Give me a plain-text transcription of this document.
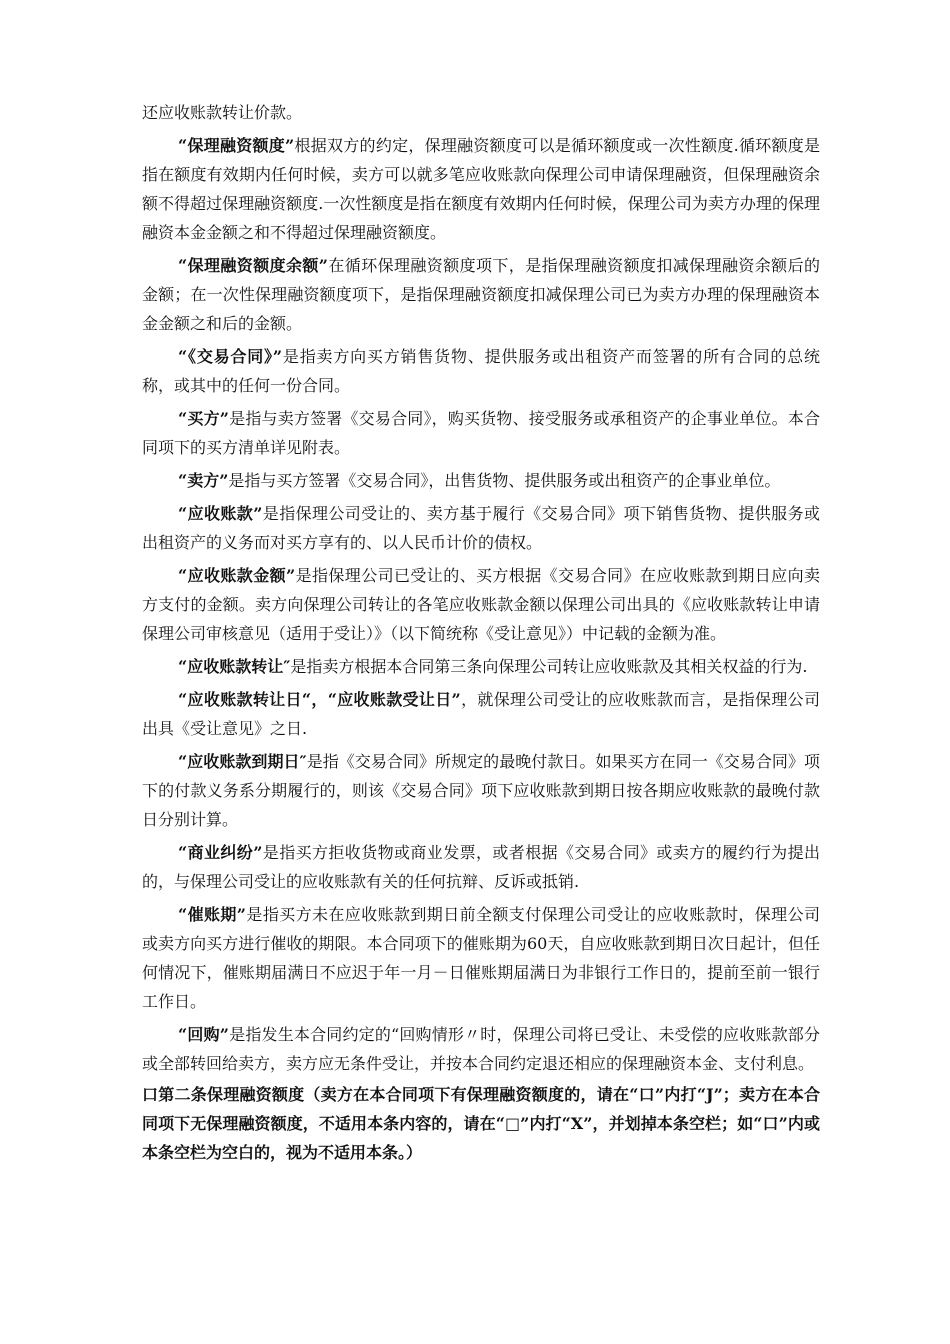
还应收账款转让价款。

“保理融资额度”根据双方的约定，保理融资额度可以是循环额度或一次性额度.循环额度是指在额度有效期内任何时候，卖方可以就多笔应收账款向保理公司申请保理融资，但保理融资余额不得超过保理融资额度.一次性额度是指在额度有效期内任何时候，保理公司为卖方办理的保理融资本金金额之和不得超过保理融资额度。

“保理融资额度余额”在循环保理融资额度项下，是指保理融资额度扣减保理融资余额后的金额；在一次性保理融资额度项下，是指保理融资额度扣减保理公司已为卖方办理的保理融资本金金额之和后的金额。

“《交易合同》”是指卖方向买方销售货物、提供服务或出租资产而签署的所有合同的总统称，或其中的任何一份合同。

“买方”是指与卖方签署《交易合同》，购买货物、接受服务或承租资产的企事业单位。本合同项下的买方清单详见附表。

“卖方”是指与买方签署《交易合同》，出售货物、提供服务或出租资产的企事业单位。

“应收账款”是指保理公司受让的、卖方基于履行《交易合同》项下销售货物、提供服务或出租资产的义务而对买方享有的、以人民币计价的债权。

“应收账款金额”是指保理公司已受让的、买方根据《交易合同》在应收账款到期日应向卖方支付的金额。卖方向保理公司转让的各笔应收账款金额以保理公司出具的《应收账款转让申请保理公司审核意见（适用于受让）》（以下简统称《受让意见》）中记载的金额为准。

“应收账款转让″是指卖方根据本合同第三条向保理公司转让应收账款及其相关权益的行为.

“应收账款转让日“，“应收账款受让日”，就保理公司受让的应收账款而言，是指保理公司出具《受让意见》之日.

“应收账款到期日″是指《交易合同》所规定的最晚付款日。如果买方在同一《交易合同》项下的付款义务系分期履行的，则该《交易合同》项下应收账款到期日按各期应收账款的最晚付款日分别计算。

“商业纠纷”是指买方拒收货物或商业发票，或者根据《交易合同》或卖方的履约行为提出的，与保理公司受让的应收账款有关的任何抗辩、反诉或抵销.

“催账期”是指买方未在应收账款到期日前全额支付保理公司受让的应收账款时，保理公司或卖方向买方进行催收的期限。本合同项下的催账期为60天，自应收账款到期日次日起计，但任何情况下，催账期届满日不应迟于年一月－日催账期届满日为非银行工作日的，提前至前一银行工作日。

“回购”是指发生本合同约定的“回购情形〃时，保理公司将已受让、未受偿的应收账款部分或全部转回给卖方，卖方应无条件受让，并按本合同约定退还相应的保理融资本金、支付利息。

口第二条保理融资额度（卖方在本合同项下有保理融资额度的，请在“口”内打“J”；卖方在本合同项下无保理融资额度，不适用本条内容的，请在“□”内打“X”，并划掉本条空栏；如“口”内或本条空栏为空白的，视为不适用本条。）
